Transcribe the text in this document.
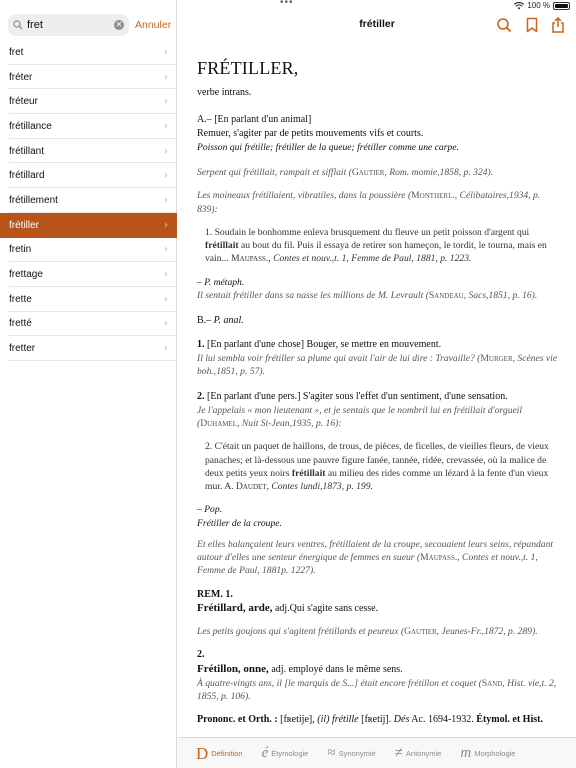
•••	100 %
fret
✕ Annuler
fret	›
fréter	›
fréteur	›
frétillance	›
frétillant	›
frétillard	›
frétillement	›
frétiller	›
fretin	›
frettage	›
frette	›
fretté	›
fretter	›
frétiller
FRÉTILLER,
verbe intrans.
A.– [En parlant d'un animal]
Remuer, s'agiter par de petits mouvements vifs et courts.
Poisson qui frétille; frétiller de la queue; frétiller comme une carpe.
Serpent qui frétillait, rampait et sifflait (Gautier, Rom. momie,1858, p. 324).
Les moineaux frétillaient, vibratiles, dans la poussière (Montherl., Célibataires,1934, p. 839):
1. Soudain le bonhomme enleva brusquement du fleuve un petit poisson d'argent qui frétillait au bout du fil. Puis il essaya de retirer son hameçon, le tordit, le tourna, mais en vain... Maupass., Contes et nouv.,t. 1, Femme de Paul, 1881, p. 1223.
– P. métaph.
Il sentait frétiller dans sa nasse les millions de M. Levrault (Sandeau, Sacs,1851, p. 16).
B.– P. anal.
1. [En parlant d'une chose] Bouger, se mettre en mouvement.
Il lui sembla voir frétiller sa plume qui avait l'air de lui dire : Travaille? (Murger, Scènes vie boh.,1851, p. 57).
2. [En parlant d'une pers.] S'agiter sous l'effet d'un sentiment, d'une sensation.
Je l'appelais « mon lieutenant », et je sentais que le nombril lui en frétillait d'orgueil (Duhamel, Nuit St-Jean,1935, p. 16):
2. C'était un paquet de haillons, de trous, de pièces, de ficelles, de vieilles fleurs, de vieux panaches; et là-dessous une pauvre figure fanée, tannée, ridée, crevassée, où la malice de deux petits yeux noirs frétillait au milieu des rides comme un lézard à la fente d'un vieux mur. A. Daudet, Contes lundi,1873, p. 199.
– Pop.
Frétiller de la croupe.
Et elles balançaient leurs ventres, frétillaient de la croupe, secouaient leurs seins, répandant autour d'elles une senteur énergique de femmes en sueur (Maupass., Contes et nouv.,t. 1, Femme de Paul, 1881p. 1227).
REM. 1.
Frétillard, arde, adj.Qui s'agite sans cesse.
Les petits goujons qui s'agitent frétillards et peureux (Gautier, Jeunes-Fr.,1872, p. 289).
2.
Frétillon, onne, adj. employé dans le même sens.
À quatre-vingts ans, il [le marquis de S...] était encore frétillon et coquet (Sand, Hist. vie,t. 2, 1855, p. 106).
Prononc. et Orth. : [fʀetije], (il) frétille [fʀetij]. Dés Ac. 1694-1932. Étymol. et Hist.
D Définition é Étymologie ≈ Synonymie ≠ Antonymie m Morphologie
